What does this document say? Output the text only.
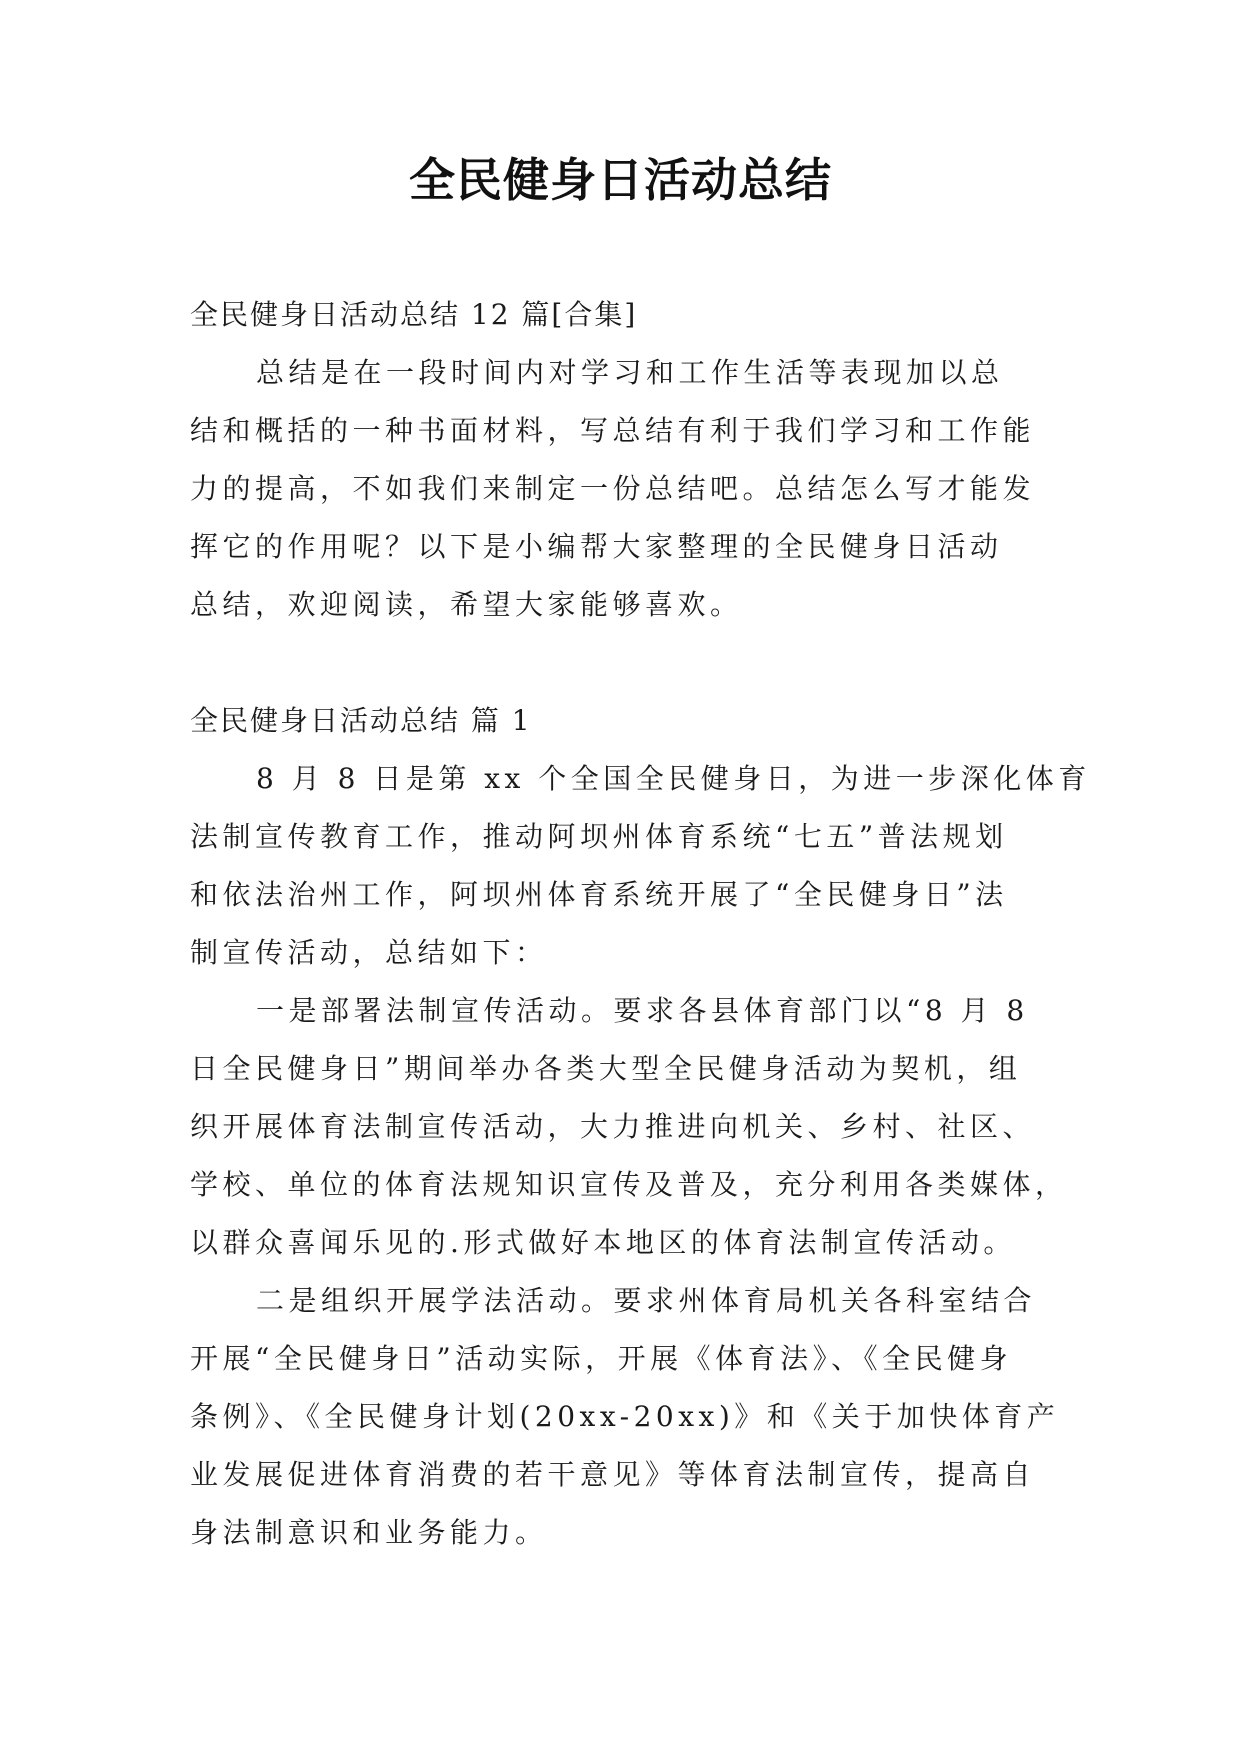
全民健身日活动总结

全民健身日活动总结 12 篇[合集]

总结是在一段时间内对学习和工作生活等表现加以总

结和概括的一种书面材料，写总结有利于我们学习和工作能

力的提高，不如我们来制定一份总结吧。总结怎么写才能发

挥它的作用呢？以下是小编帮大家整理的全民健身日活动

总结，欢迎阅读，希望大家能够喜欢。

全民健身日活动总结 篇 1

8 月 8 日是第 xx 个全国全民健身日，为进一步深化体育

法制宣传教育工作，推动阿坝州体育系统“七五”普法规划

和依法治州工作，阿坝州体育系统开展了“全民健身日”法

制宣传活动，总结如下：

一是部署法制宣传活动。要求各县体育部门以“8 月 8

日全民健身日”期间举办各类大型全民健身活动为契机，组

织开展体育法制宣传活动，大力推进向机关、乡村、社区、

学校、单位的体育法规知识宣传及普及，充分利用各类媒体，

以群众喜闻乐见的.形式做好本地区的体育法制宣传活动。

二是组织开展学法活动。要求州体育局机关各科室结合

开展“全民健身日”活动实际，开展《体育法》、《全民健身

条例》、《全民健身计划(20xx-20xx)》和《关于加快体育产

业发展促进体育消费的若干意见》等体育法制宣传，提高自

身法制意识和业务能力。
